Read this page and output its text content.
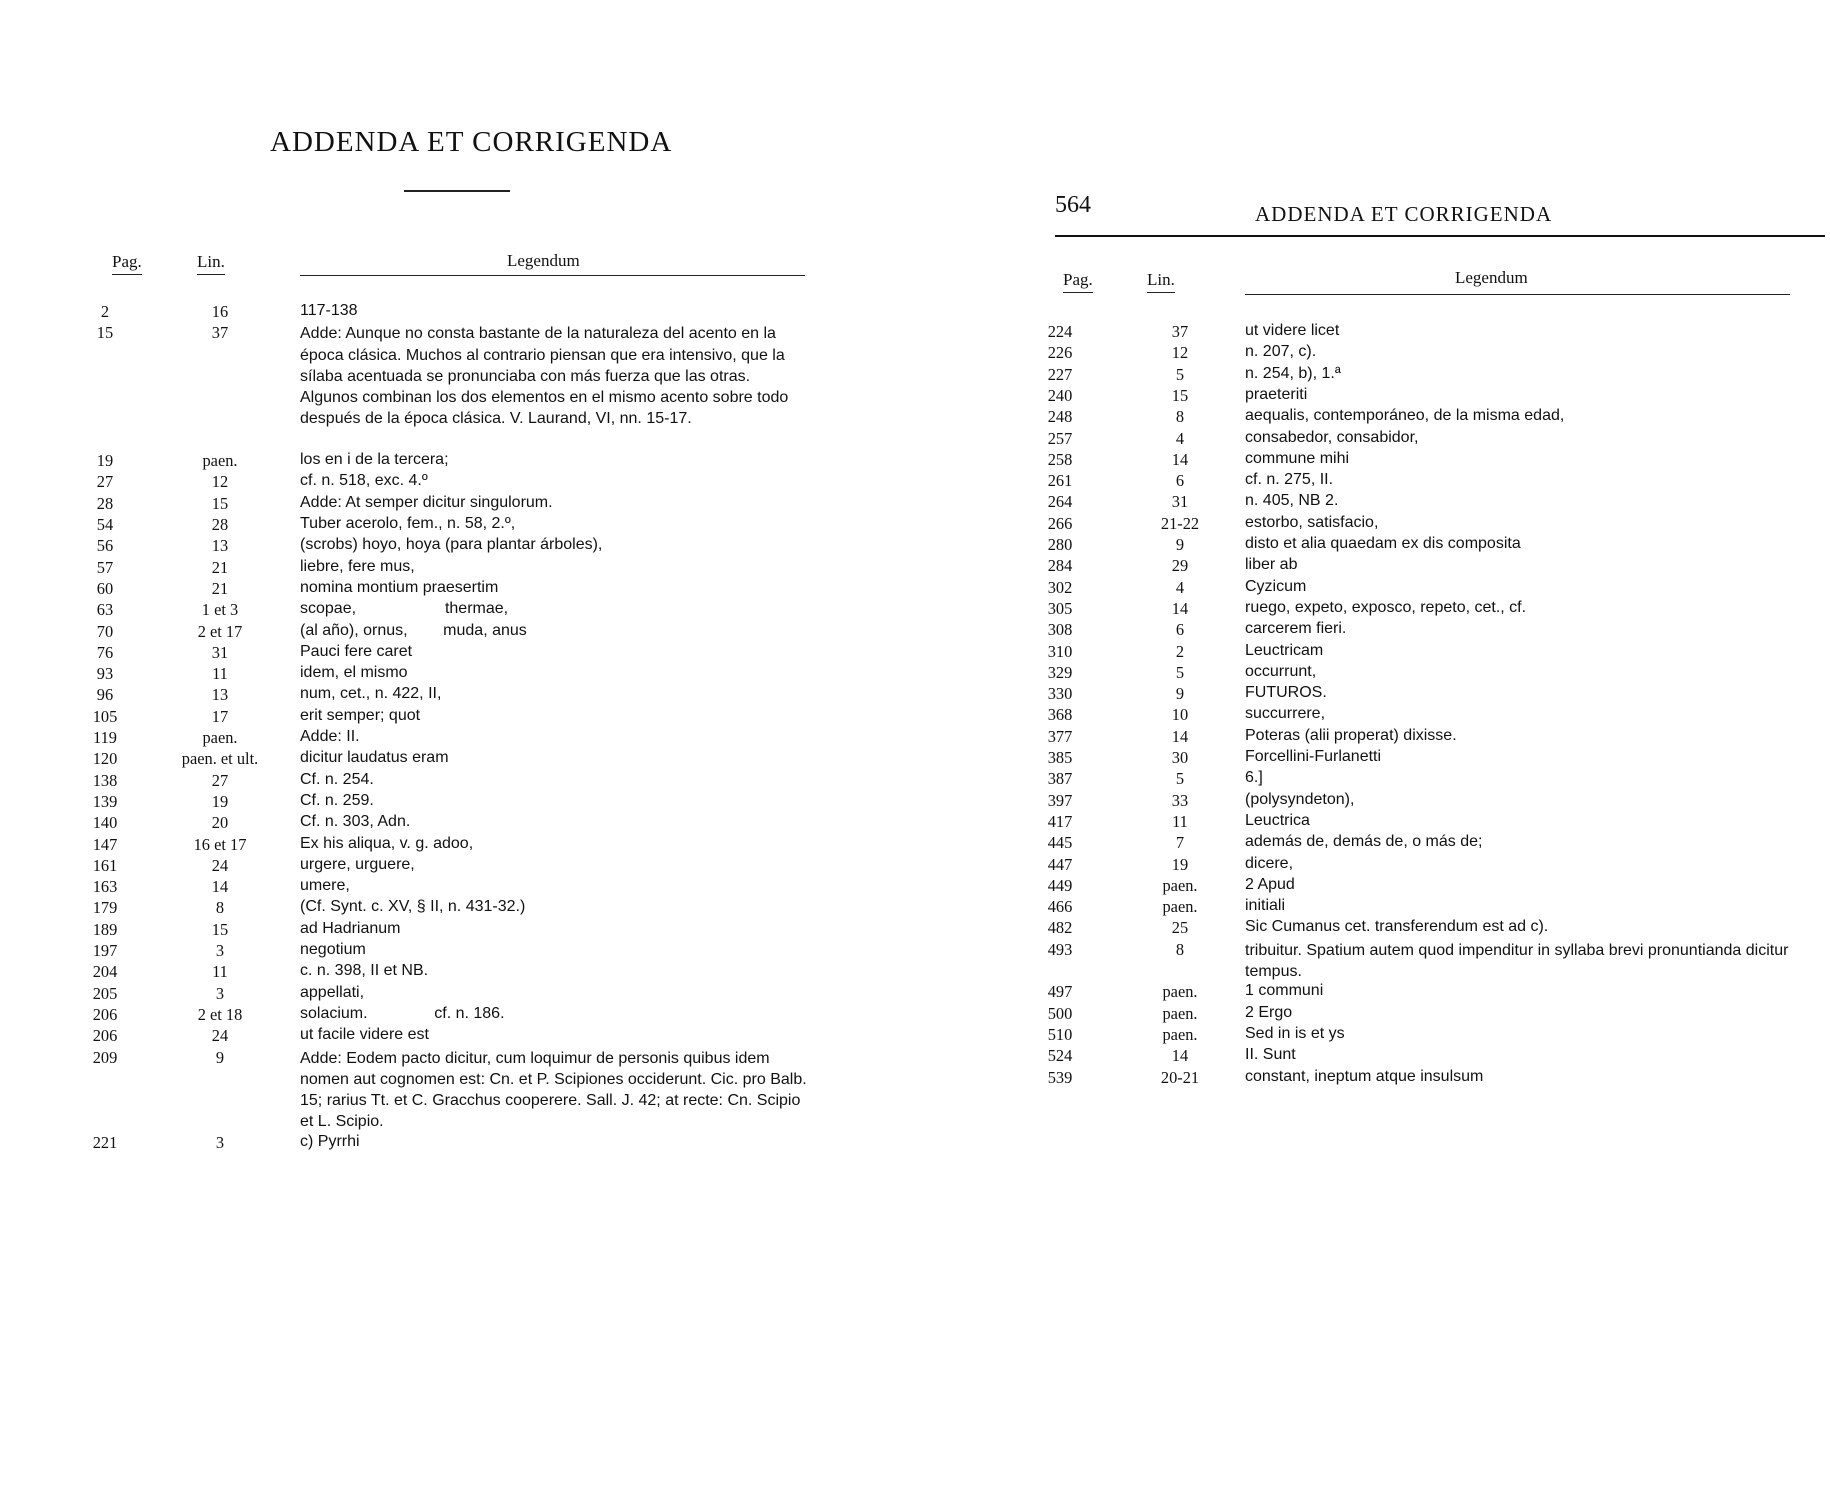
ADDENDA ET CORRIGENDA
Pag.	Lin.	Legendum
2	16	117-138
15	37	Adde: Aunque no consta bastante de la naturaleza del acento en la época clásica. Muchos al contrario piensan que era intensivo, que la sílaba acentuada se pronunciaba con más fuerza que las otras. Algunos combinan los dos elementos en el mismo acento sobre todo después de la época clásica. V. Laurand, VI, nn. 15-17.
19	paen.	los en i de la tercera;
27	12	cf. n. 518, exc. 4.º
28	15	Adde: At semper dicitur singulorum.
54	28	Tuber acerolo, fem., n. 58, 2.º,
56	13	(scrobs) hoyo, hoya (para plantar árboles),
57	21	liebre, fere mus,
60	21	nomina montium praesertim
63	1 et 3	scopae,                    thermae,
70	2 et 17	(al año), ornus,        muda, anus
76	31	Pauci fere caret
93	11	idem, el mismo
96	13	num, cet., n. 422, II,
105	17	erit semper; quot
119	paen.	Adde: II.
120	paen. et ult.	dicitur laudatus eram
138	27	Cf. n. 254.
139	19	Cf. n. 259.
140	20	Cf. n. 303, Adn.
147	16 et 17	Ex his aliqua, v. g. adoo,
161	24	urgere, urguere,
163	14	umere,
179	8	(Cf. Synt. c. XV, § II, n. 431-32.)
189	15	ad Hadrianum
197	3	negotium
204	11	c. n. 398, II et NB.
205	3	appellati,
206	2 et 18	solacium.               cf. n. 186.
206	24	ut facile videre est
209	9	Adde: Eodem pacto dicitur, cum loquimur de personis quibus idem nomen aut cognomen est: Cn. et P. Scipiones occiderunt. Cic. pro Balb. 15; rarius Tt. et C. Gracchus cooperere. Sall. J. 42; at recte: Cn. Scipio et L. Scipio.
221	3	c) Pyrrhi
564	ADDENDA ET CORRIGENDA
Pag.	Lin.	Legendum
224	37	ut videre licet
226	12	n. 207, c).
227	5	n. 254, b), 1.ª
240	15	praeteriti
248	8	aequalis, contemporáneo, de la misma edad,
257	4	consabedor, consabidor,
258	14	commune mihi
261	6	cf. n. 275, II.
264	31	n. 405, NB 2.
266	21-22	estorbo, satisfacio,
280	9	disto et alia quaedam ex dis composita
284	29	liber ab
302	4	Cyzicum
305	14	ruego, expeto, exposco, repeto, cet., cf.
308	6	carcerem fieri.
310	2	Leuctricam
329	5	occurrunt,
330	9	FUTUROS.
368	10	succurrere,
377	14	Poteras (alii properat) dixisse.
385	30	Forcellini-Furlanetti
387	5	6.]
397	33	(polysyndeton),
417	11	Leuctrica
445	7	además de, demás de, o más de;
447	19	dicere,
449	paen.	2 Apud
466	paen.	initiali
482	25	Sic Cumanus cet. transferendum est ad c).
493	8	tribuitur. Spatium autem quod impenditur in syllaba brevi pronuntianda dicitur tempus.
497	paen.	1 communi
500	paen.	2 Ergo
510	paen.	Sed in is et ys
524	14	II. Sunt
539	20-21	constant, ineptum atque insulsum
